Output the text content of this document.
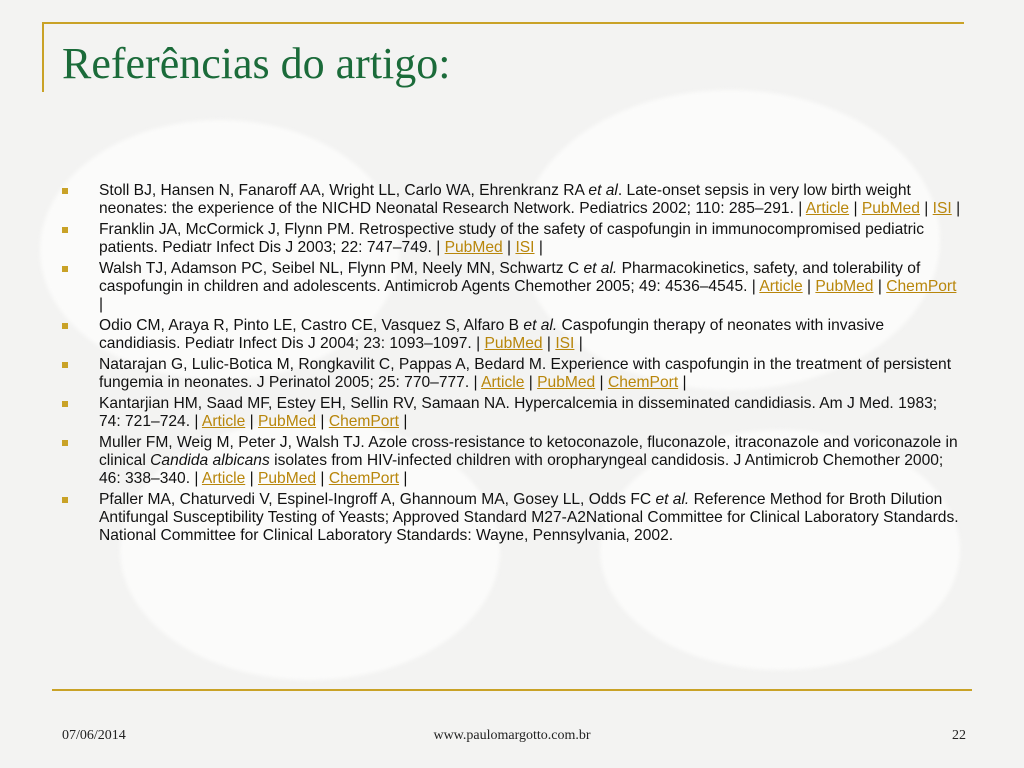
Referências do artigo:
Stoll BJ, Hansen N, Fanaroff AA, Wright LL, Carlo WA, Ehrenkranz RA et al. Late-onset sepsis in very low birth weight neonates: the experience of the NICHD Neonatal Research Network. Pediatrics 2002; 110: 285–291. | Article | PubMed | ISI |
Franklin JA, McCormick J, Flynn PM. Retrospective study of the safety of caspofungin in immunocompromised pediatric patients. Pediatr Infect Dis J 2003; 22: 747–749. | PubMed | ISI |
Walsh TJ, Adamson PC, Seibel NL, Flynn PM, Neely MN, Schwartz C et al. Pharmacokinetics, safety, and tolerability of caspofungin in children and adolescents. Antimicrob Agents Chemother 2005; 49: 4536–4545. | Article | PubMed | ChemPort |
Odio CM, Araya R, Pinto LE, Castro CE, Vasquez S, Alfaro B et al. Caspofungin therapy of neonates with invasive candidiasis. Pediatr Infect Dis J 2004; 23: 1093–1097. | PubMed | ISI |
Natarajan G, Lulic-Botica M, Rongkavilit C, Pappas A, Bedard M. Experience with caspofungin in the treatment of persistent fungemia in neonates. J Perinatol 2005; 25: 770–777. | Article | PubMed | ChemPort |
Kantarjian HM, Saad MF, Estey EH, Sellin RV, Samaan NA. Hypercalcemia in disseminated candidiasis. Am J Med. 1983; 74: 721–724. | Article | PubMed | ChemPort |
Muller FM, Weig M, Peter J, Walsh TJ. Azole cross-resistance to ketoconazole, fluconazole, itraconazole and voriconazole in clinical Candida albicans isolates from HIV-infected children with oropharyngeal candidosis. J Antimicrob Chemother 2000; 46: 338–340. | Article | PubMed | ChemPort |
Pfaller MA, Chaturvedi V, Espinel-Ingroff A, Ghannoum MA, Gosey LL, Odds FC et al. Reference Method for Broth Dilution Antifungal Susceptibility Testing of Yeasts; Approved Standard M27-A2National Committee for Clinical Laboratory Standards. National Committee for Clinical Laboratory Standards: Wayne, Pennsylvania, 2002.
07/06/2014	www.paulomargotto.com.br	22
